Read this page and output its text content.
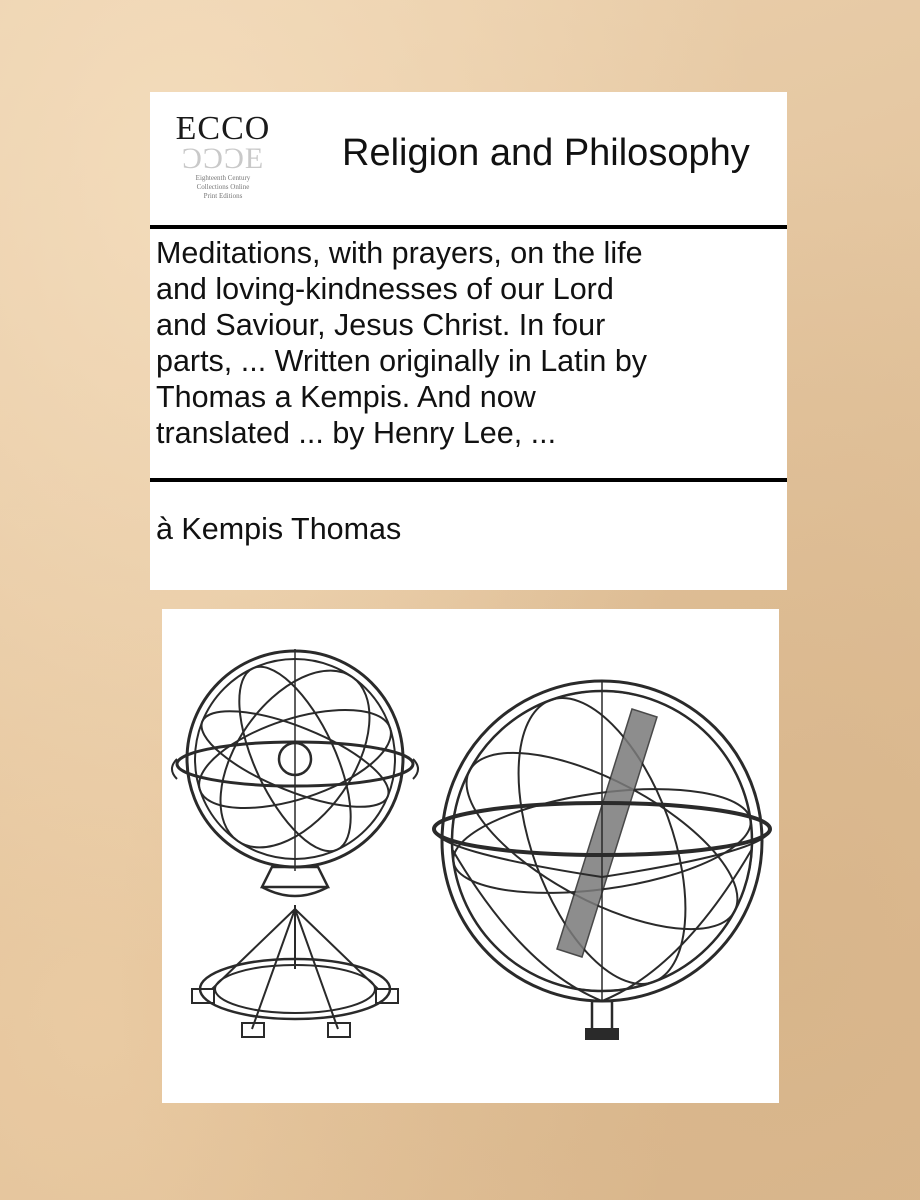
ECCO
ƆƆƆE
Eighteenth Century
Collections Online
Print Editions
Religion and Philosophy
Meditations, with prayers, on the life
and loving-kindnesses of our Lord
and Saviour, Jesus Christ. In four
parts, ... Written originally in Latin by
Thomas a Kempis. And now
translated ... by Henry Lee, ...
à Kempis Thomas
